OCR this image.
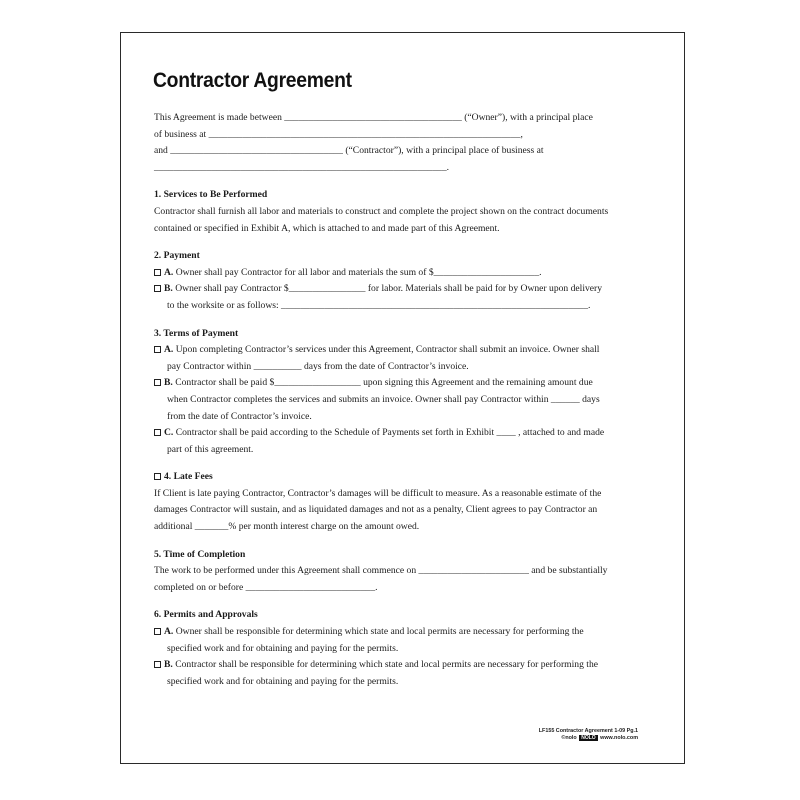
Contractor Agreement
This Agreement is made between _____________________________________ (“Owner”), with a principal place
of business at _________________________________________________________________,
and ____________________________________ (“Contractor”), with a principal place of business at
_____________________________________________________________.
1. Services to Be Performed
Contractor shall furnish all labor and materials to construct and complete the project shown on the contract documents
contained or specified in Exhibit A, which is attached to and made part of this Agreement.
2. Payment
A. Owner shall pay Contractor for all labor and materials the sum of $______________________.
B. Owner shall pay Contractor $________________ for labor. Materials shall be paid for by Owner upon delivery
to the worksite or as follows: ________________________________________________________________.
3. Terms of Payment
A. Upon completing Contractor’s services under this Agreement, Contractor shall submit an invoice. Owner shall
pay Contractor within __________ days from the date of Contractor’s invoice.
B. Contractor shall be paid $__________________ upon signing this Agreement and the remaining amount due
when Contractor completes the services and submits an invoice. Owner shall pay Contractor within ______ days
from the date of Contractor’s invoice.
C. Contractor shall be paid according to the Schedule of Payments set forth in Exhibit ____ , attached to and made
part of this agreement.
4. Late Fees
If Client is late paying Contractor, Contractor’s damages will be difficult to measure. As a reasonable estimate of the
damages Contractor will sustain, and as liquidated damages and not as a penalty, Client agrees to pay Contractor an
additional _______% per month interest charge on the amount owed.
5. Time of Completion
The work to be performed under this Agreement shall commence on _______________________ and be substantially
completed on or before ___________________________.
6. Permits and Approvals
A. Owner shall be responsible for determining which state and local permits are necessary for performing the
specified work and for obtaining and paying for the permits.
B. Contractor shall be responsible for determining which state and local permits are necessary for performing the
specified work and for obtaining and paying for the permits.
LF155 Contractor Agreement 1-09 Pg.1
©nolo NOLO www.nolo.com
